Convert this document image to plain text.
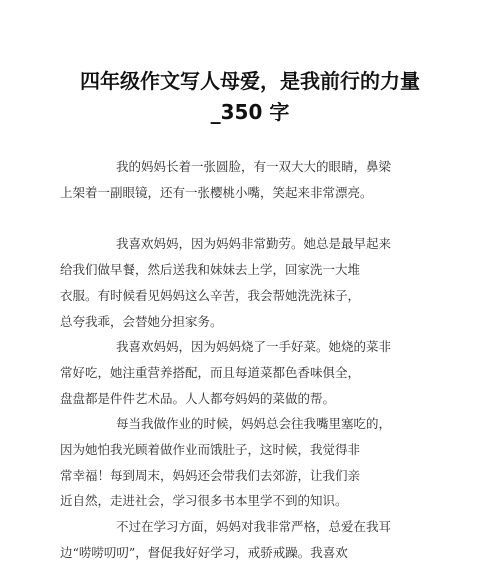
四年级作文写人母爱，是我前行的力量
_350 字

我的妈妈长着一张圆脸，有一双大大的眼睛，鼻梁
上架着一副眼镜，还有一张樱桃小嘴，笑起来非常漂亮。

我喜欢妈妈，因为妈妈非常勤劳。她总是最早起来
给我们做早餐，然后送我和妹妹去上学，回家洗一大堆
衣服。有时候看见妈妈这么辛苦，我会帮她洗洗袜子，
总夸我乖，会替她分担家务。

我喜欢妈妈，因为妈妈烧了一手好菜。她烧的菜非
常好吃，她注重营养搭配，而且每道菜都色香味俱全，
盘盘都是件件艺术品。人人都夸妈妈的菜做的帮。

每当我做作业的时候，妈妈总会往我嘴里塞吃的，
因为她怕我光顾着做作业而饿肚子，这时候，我觉得非
常幸福！每到周末，妈妈还会带我们去郊游，让我们亲
近自然，走进社会，学习很多书本里学不到的知识。

不过在学习方面，妈妈对我非常严格，总爱在我耳
边“唠唠叨叨”，督促我好好学习，戒骄戒躁。我喜欢
